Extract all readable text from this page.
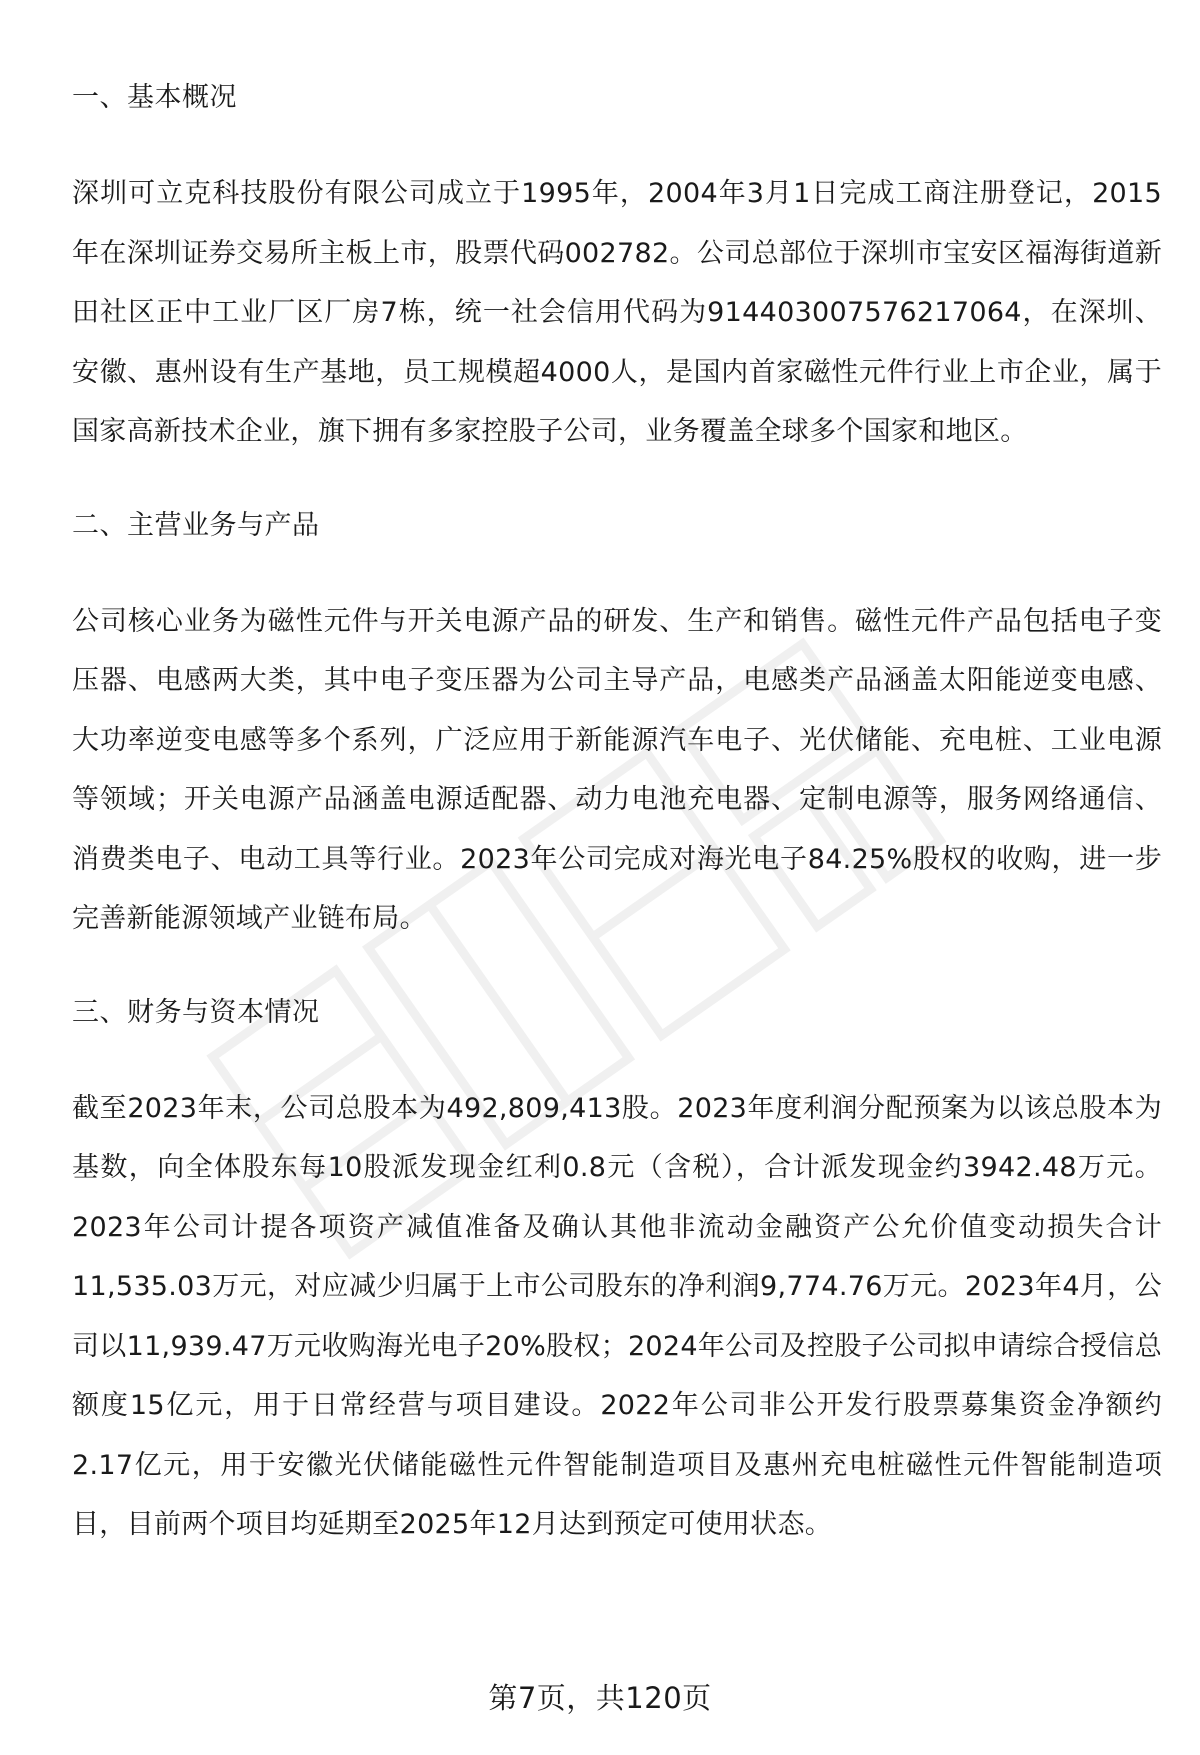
一、基本概况

深圳可立克科技股份有限公司成立于1995年，2004年3月1日完成工商注册登记，2015年在深圳证券交易所主板上市，股票代码002782。公司总部位于深圳市宝安区福海街道新田社区正中工业厂区厂房7栋，统一社会信用代码为914403007576217064，在深圳、安徽、惠州设有生产基地，员工规模超4000人，是国内首家磁性元件行业上市企业，属于国家高新技术企业，旗下拥有多家控股子公司，业务覆盖全球多个国家和地区。

二、主营业务与产品

公司核心业务为磁性元件与开关电源产品的研发、生产和销售。磁性元件产品包括电子变压器、电感两大类，其中电子变压器为公司主导产品，电感类产品涵盖太阳能逆变电感、大功率逆变电感等多个系列，广泛应用于新能源汽车电子、光伏储能、充电桩、工业电源等领域；开关电源产品涵盖电源适配器、动力电池充电器、定制电源等，服务网络通信、消费类电子、电动工具等行业。2023年公司完成对海光电子84.25%股权的收购，进一步完善新能源领域产业链布局。

三、财务与资本情况

截至2023年末，公司总股本为492,809,413股。2023年度利润分配预案为以该总股本为基数，向全体股东每10股派发现金红利0.8元（含税），合计派发现金约3942.48万元。2023年公司计提各项资产减值准备及确认其他非流动金融资产公允价值变动损失合计11,535.03万元，对应减少归属于上市公司股东的净利润9,774.76万元。2023年4月，公司以11,939.47万元收购海光电子20%股权；2024年公司及控股子公司拟申请综合授信总额度15亿元，用于日常经营与项目建设。2022年公司非公开发行股票募集资金净额约2.17亿元，用于安徽光伏储能磁性元件智能制造项目及惠州充电桩磁性元件智能制造项目，目前两个项目均延期至2025年12月达到预定可使用状态。

第7页，共120页
